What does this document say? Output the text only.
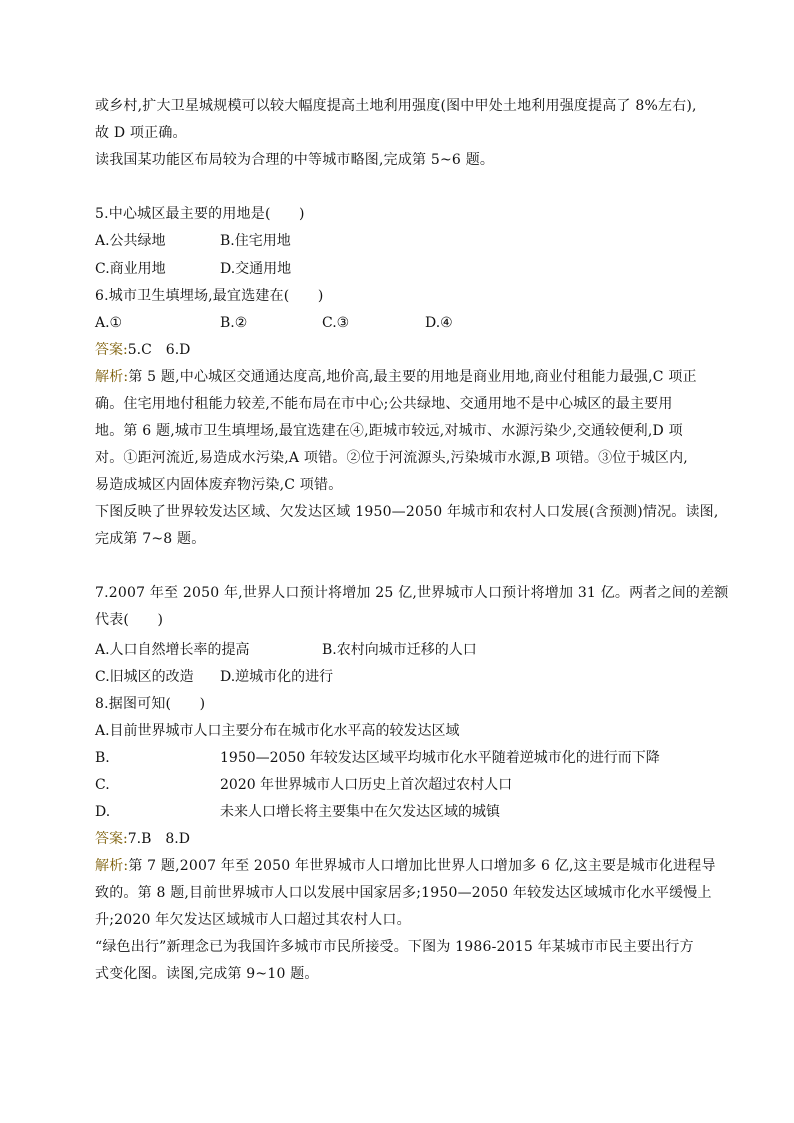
或乡村,扩大卫星城规模可以较大幅度提高土地利用强度(图中甲处土地利用强度提高了 8%左右),
故 D 项正确。
读我国某功能区布局较为合理的中等城市略图,完成第 5~6 题。
5.中心城区最主要的用地是(　　)
A.公共绿地	B.住宅用地
C.商业用地	D.交通用地
6.城市卫生填埋场,最宜选建在(　　)
A.①	B.②	C.③	D.④
答案:5.C　6.D
解析:第 5 题,中心城区交通通达度高,地价高,最主要的用地是商业用地,商业付租能力最强,C 项正
确。住宅用地付租能力较差,不能布局在市中心;公共绿地、交通用地不是中心城区的最主要用
地。第 6 题,城市卫生填埋场,最宜选建在④,距城市较远,对城市、水源污染少,交通较便利,D 项
对。①距河流近,易造成水污染,A 项错。②位于河流源头,污染城市水源,B 项错。③位于城区内,
易造成城区内固体废弃物污染,C 项错。
下图反映了世界较发达区域、欠发达区域 1950—2050 年城市和农村人口发展(含预测)情况。读图,
完成第 7~8 题。
7.2007 年至 2050 年,世界人口预计将增加 25 亿,世界城市人口预计将增加 31 亿。两者之间的差额
代表(　　)
A.人口自然增长率的提高	B.农村向城市迁移的人口
C.旧城区的改造 D.逆城市化的进行
8.据图可知(　　)
A.目前世界城市人口主要分布在城市化水平高的较发达区域
B.	1950—2050 年较发达区域平均城市化水平随着逆城市化的进行而下降
C.	2020 年世界城市人口历史上首次超过农村人口
D.	未来人口增长将主要集中在欠发达区域的城镇
答案:7.B　8.D
解析:第 7 题,2007 年至 2050 年世界城市人口增加比世界人口增加多 6 亿,这主要是城市化进程导
致的。第 8 题,目前世界城市人口以发展中国家居多;1950—2050 年较发达区域城市化水平缓慢上
升;2020 年欠发达区域城市人口超过其农村人口。
“绿色出行”新理念已为我国许多城市市民所接受。下图为 1986-2015 年某城市市民主要出行方
式变化图。读图,完成第 9~10 题。
